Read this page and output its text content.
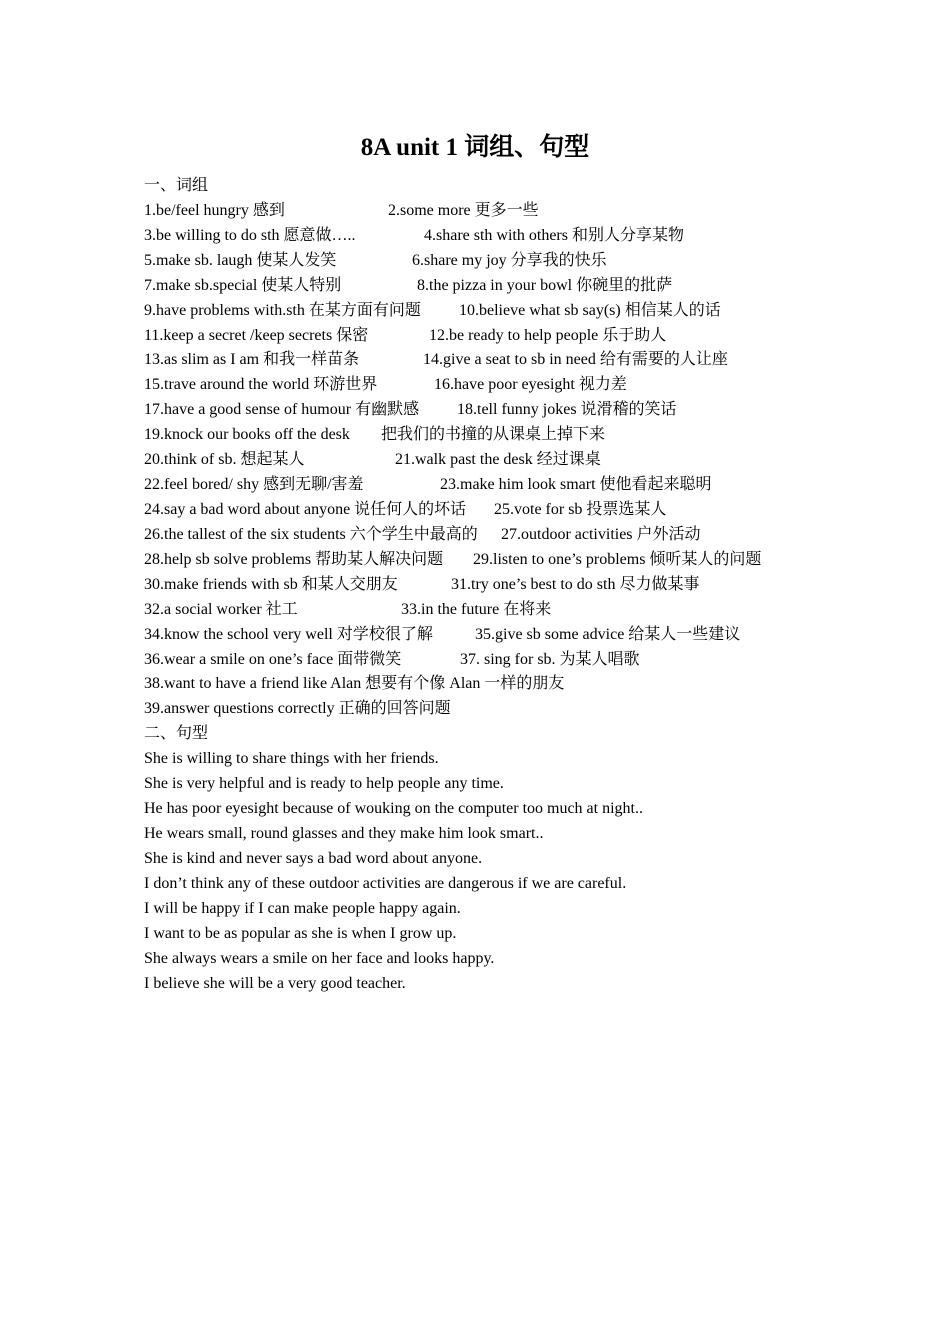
8A unit 1 词组、句型
一、词组
1.be/feel hungry 感到	2.some more 更多一些
3.be willing to do sth 愿意做…..	4.share sth with others 和别人分享某物
5.make sb. laugh 使某人发笑	6.share my joy 分享我的快乐
7.make sb.special 使某人特别	8.the pizza in your bowl 你碗里的批萨
9.have problems with.sth 在某方面有问题 10.believe what sb say(s) 相信某人的话
11.keep a secret /keep secrets 保密	12.be ready to help people 乐于助人
13.as slim as I am 和我一样苗条	14.give a seat to sb in need 给有需要的人让座
15.trave around the world 环游世界	16.have poor eyesight 视力差
17.have a good sense of humour 有幽默感 18.tell funny jokes 说滑稽的笑话
19.knock our books off the desk 把我们的书撞的从课桌上掉下来
20.think of sb. 想起某人	21.walk past the desk 经过课桌
22.feel bored/ shy 感到无聊/害羞	23.make him look smart 使他看起来聪明
24.say a bad word about anyone 说任何人的坏话 25.vote for sb 投票选某人
26.the tallest of the six students 六个学生中最高的 27.outdoor activities 户外活动
28.help sb solve problems 帮助某人解决问题 29.listen to one’s problems 倾听某人的问题
30.make friends with sb 和某人交朋友	31.try one’s best to do sth 尽力做某事
32.a social worker 社工	33.in the future 在将来
34.know the school very well 对学校很了解	35.give sb some advice 给某人一些建议
36.wear a smile on one’s face 面带微笑	37. sing for sb. 为某人唱歌
38.want to have a friend like Alan 想要有个像 Alan 一样的朋友
39.answer questions correctly 正确的回答问题
二、句型
She is willing to share things with her friends.
She is very helpful and is ready to help people any time.
He has poor eyesight because of wouking on the computer too much at night..
He wears small, round glasses and they make him look smart..
She is kind and never says a bad word about anyone.
I don’t think any of these outdoor activities are dangerous if we are careful.
I will be happy if I can make people happy again.
I want to be as popular as she is when I grow up.
She always wears a smile on her face and looks happy.
I believe she will be a very good teacher.
